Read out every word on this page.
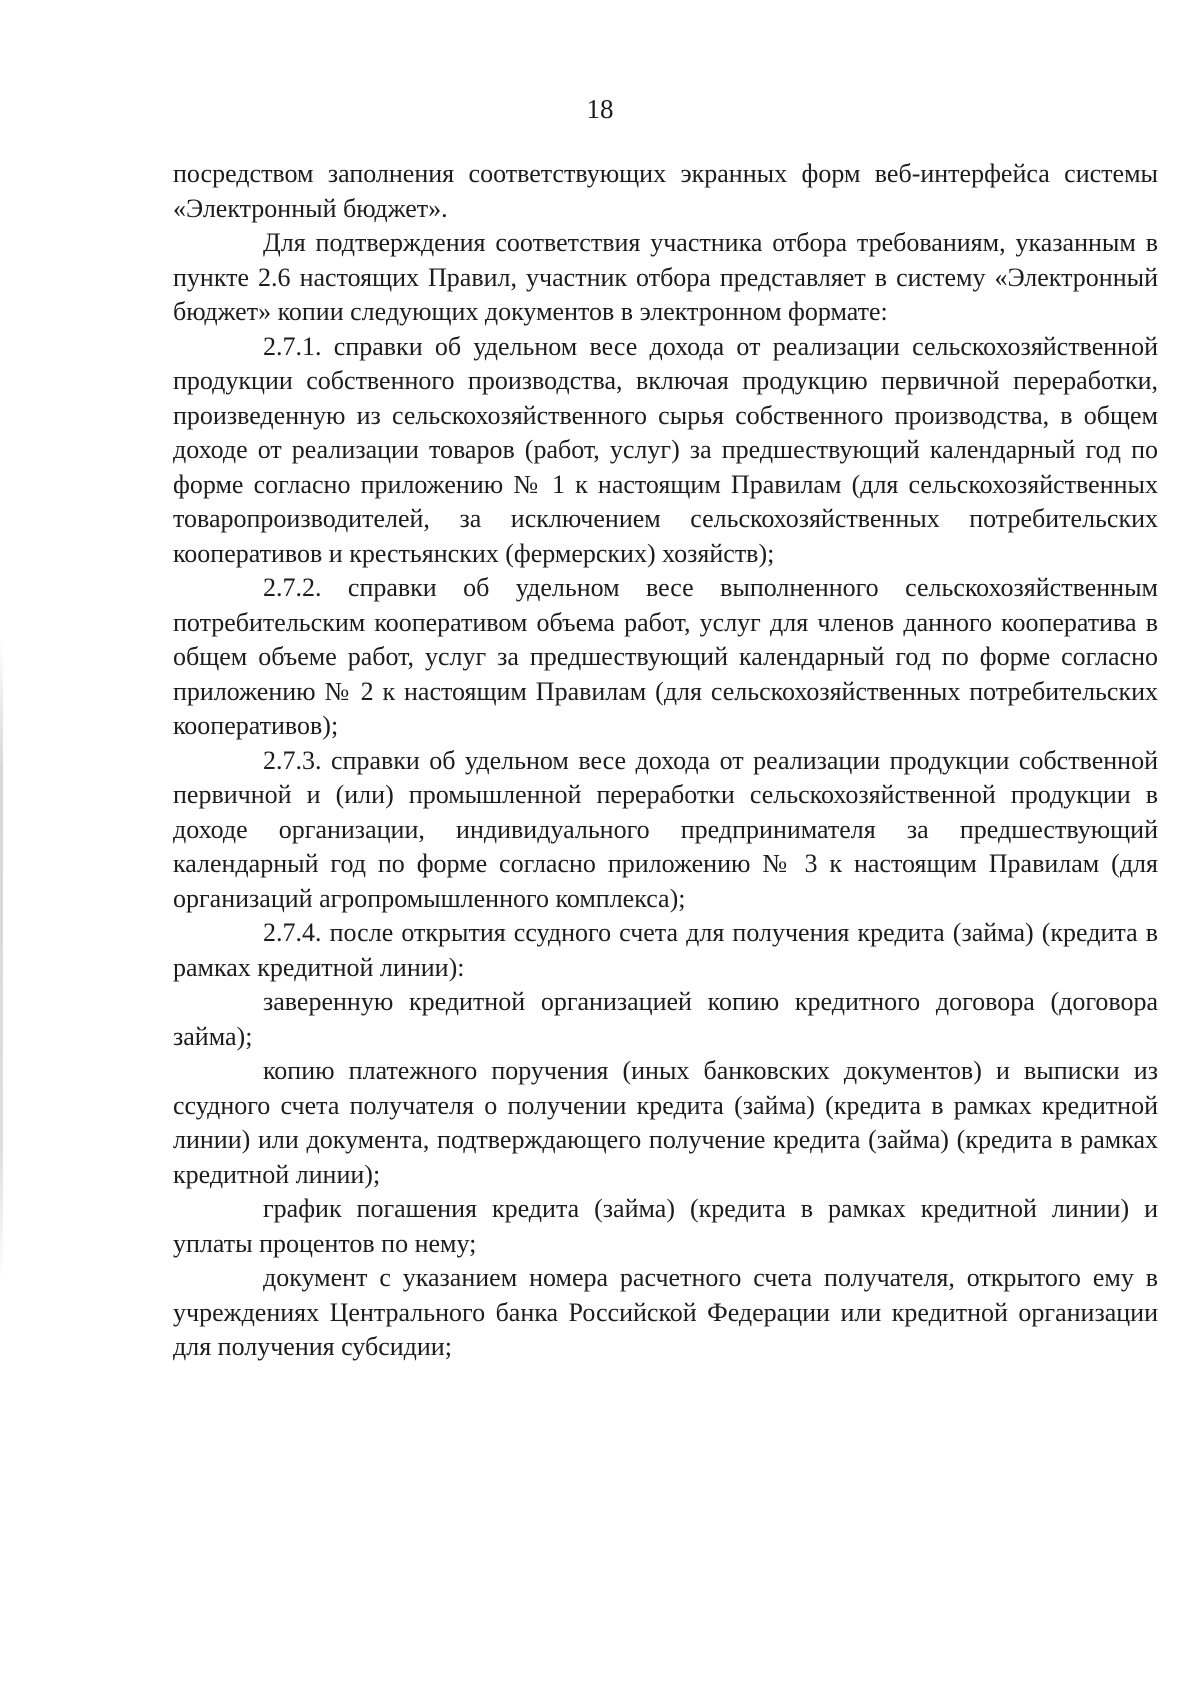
18

посредством заполнения соответствующих экранных форм веб-интерфейса системы «Электронный бюджет».

Для подтверждения соответствия участника отбора требованиям, указанным в пункте 2.6 настоящих Правил, участник отбора представляет в систему «Электронный бюджет» копии следующих документов в электронном формате:

2.7.1. справки об удельном весе дохода от реализации сельскохозяйственной продукции собственного производства, включая продукцию первичной переработки, произведенную из сельскохозяйственного сырья собственного производства, в общем доходе от реализации товаров (работ, услуг) за предшествующий календарный год по форме согласно приложению № 1 к настоящим Правилам (для сельскохозяйственных товаропроизводителей, за исключением сельскохозяйственных потребительских кооперативов и крестьянских (фермерских) хозяйств);

2.7.2. справки об удельном весе выполненного сельскохозяйственным потребительским кооперативом объема работ, услуг для членов данного кооператива в общем объеме работ, услуг за предшествующий календарный год по форме согласно приложению № 2 к настоящим Правилам (для сельскохозяйственных потребительских кооперативов);

2.7.3. справки об удельном весе дохода от реализации продукции собственной первичной и (или) промышленной переработки сельскохозяйственной продукции в доходе организации, индивидуального предпринимателя за предшествующий календарный год по форме согласно приложению № 3 к настоящим Правилам (для организаций агропромышленного комплекса);

2.7.4. после открытия ссудного счета для получения кредита (займа) (кредита в рамках кредитной линии):

заверенную кредитной организацией копию кредитного договора (договора займа);

копию платежного поручения (иных банковских документов) и выписки из ссудного счета получателя о получении кредита (займа) (кредита в рамках кредитной линии) или документа, подтверждающего получение кредита (займа) (кредита в рамках кредитной линии);

график погашения кредита (займа) (кредита в рамках кредитной линии) и уплаты процентов по нему;

документ с указанием номера расчетного счета получателя, открытого ему в учреждениях Центрального банка Российской Федерации или кредитной организации для получения субсидии;
